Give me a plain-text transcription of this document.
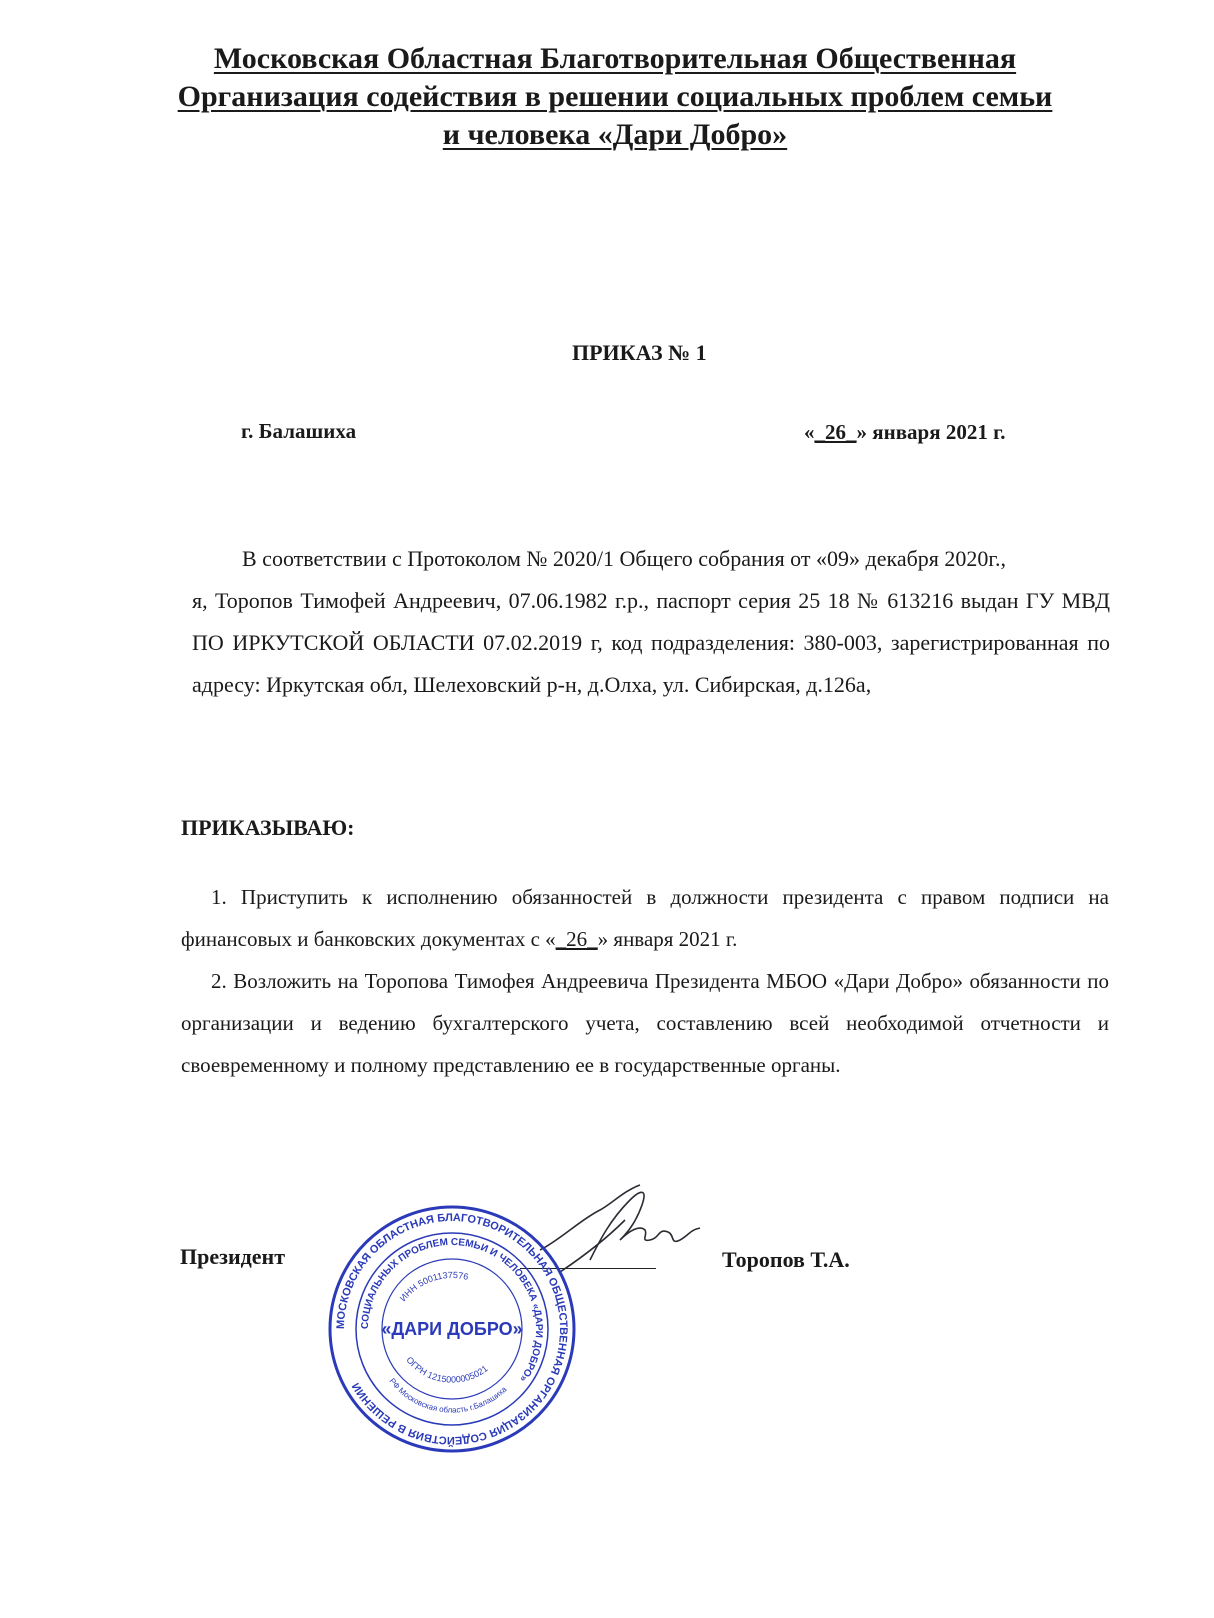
Московская Областная Благотворительная Общественная
Организация содействия в решении социальных проблем семьи
и человека «Дари Добро»
ПРИКАЗ № 1
г. Балашиха	«_26_» января 2021 г.
В соответствии с Протоколом № 2020/1 Общего собрания от «09» декабря 2020г.,
я, Торопов Тимофей Андреевич, 07.06.1982 г.р., паспорт серия 25 18 № 613216 выдан ГУ МВД ПО ИРКУТСКОЙ ОБЛАСТИ 07.02.2019 г, код подразделения: 380-003, зарегистрированная по адресу: Иркутская обл, Шелеховский р-н, д.Олха, ул. Сибирская, д.126а,
ПРИКАЗЫВАЮ:

1. Приступить к исполнению обязанностей в должности президента с правом подписи на финансовых и банковских документах с «_26_» января 2021 г.

2. Возложить на Торопова Тимофея Андреевича Президента МБОО «Дари Добро» обязанности по организации и ведению бухгалтерского учета, составлению всей необходимой отчетности и своевременному и полному представлению ее в государственные органы.

Президент	Торопов Т.А.
МОСКОВСКАЯ ОБЛАСТНАЯ БЛАГОТВОРИТЕЛЬНАЯ ОБЩЕСТВЕННАЯ ОРГАНИЗАЦИЯ СОДЕЙСТВИЯ В РЕШЕНИИ
СОЦИАЛЬНЫХ ПРОБЛЕМ СЕМЬИ И ЧЕЛОВЕКА «ДАРИ ДОБРО»
ИНН 5001137576
«ДАРИ ДОБРО»
ОГРН 1215000005021
РФ Московская область г.Балашиха
